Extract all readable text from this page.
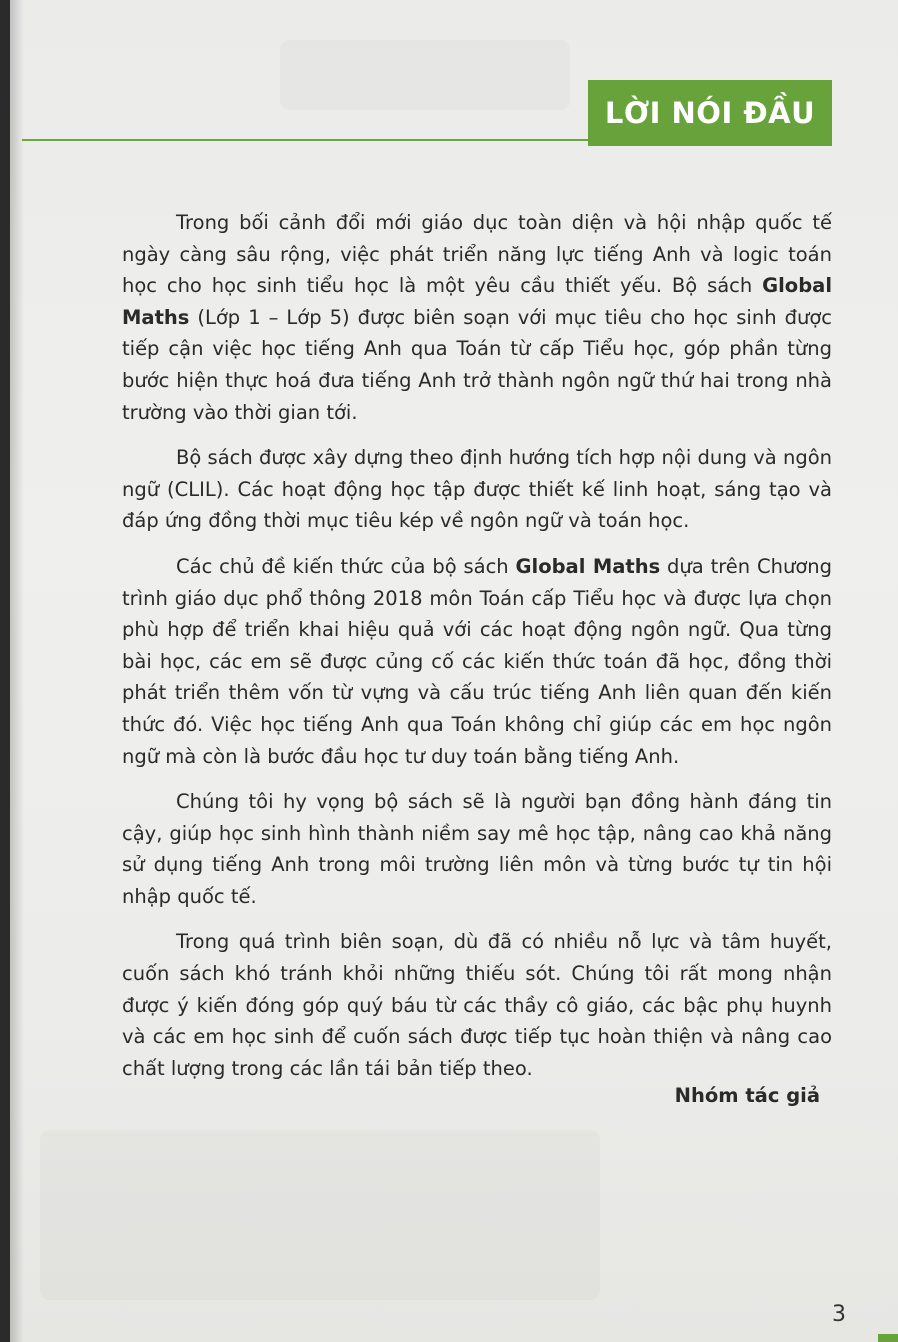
LỜI NÓI ĐẦU

Trong bối cảnh đổi mới giáo dục toàn diện và hội nhập quốc tế ngày càng sâu rộng, việc phát triển năng lực tiếng Anh và logic toán học cho học sinh tiểu học là một yêu cầu thiết yếu. Bộ sách Global Maths (Lớp 1 – Lớp 5) được biên soạn với mục tiêu cho học sinh được tiếp cận việc học tiếng Anh qua Toán từ cấp Tiểu học, góp phần từng bước hiện thực hoá đưa tiếng Anh trở thành ngôn ngữ thứ hai trong nhà trường vào thời gian tới.

Bộ sách được xây dựng theo định hướng tích hợp nội dung và ngôn ngữ (CLIL). Các hoạt động học tập được thiết kế linh hoạt, sáng tạo và đáp ứng đồng thời mục tiêu kép về ngôn ngữ và toán học.

Các chủ đề kiến thức của bộ sách Global Maths dựa trên Chương trình giáo dục phổ thông 2018 môn Toán cấp Tiểu học và được lựa chọn phù hợp để triển khai hiệu quả với các hoạt động ngôn ngữ. Qua từng bài học, các em sẽ được củng cố các kiến thức toán đã học, đồng thời phát triển thêm vốn từ vựng và cấu trúc tiếng Anh liên quan đến kiến thức đó. Việc học tiếng Anh qua Toán không chỉ giúp các em học ngôn ngữ mà còn là bước đầu học tư duy toán bằng tiếng Anh.

Chúng tôi hy vọng bộ sách sẽ là người bạn đồng hành đáng tin cậy, giúp học sinh hình thành niềm say mê học tập, nâng cao khả năng sử dụng tiếng Anh trong môi trường liên môn và từng bước tự tin hội nhập quốc tế.

Trong quá trình biên soạn, dù đã có nhiều nỗ lực và tâm huyết, cuốn sách khó tránh khỏi những thiếu sót. Chúng tôi rất mong nhận được ý kiến đóng góp quý báu từ các thầy cô giáo, các bậc phụ huynh và các em học sinh để cuốn sách được tiếp tục hoàn thiện và nâng cao chất lượng trong các lần tái bản tiếp theo.

Nhóm tác giả
3
